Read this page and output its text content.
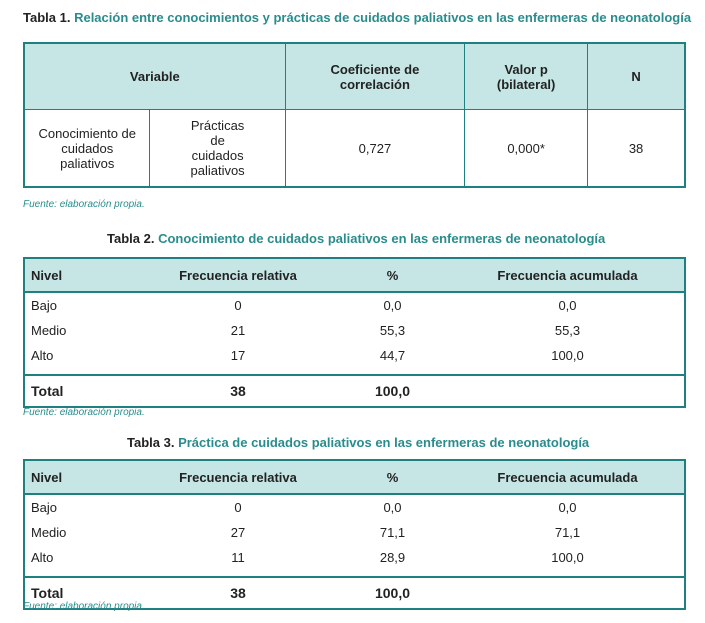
Tabla 1. Relación entre conocimientos y prácticas de cuidados paliativos en las enfermeras de neonatología
Variable		Coeficiente de correlación	Valor p (bilateral)	N
Conocimiento de cuidados paliativos	Prácticas de cuidados paliativos	0,727	0,000*	38
Fuente: elaboración propia.
Tabla 2. Conocimiento de cuidados paliativos en las enfermeras de neonatología
Nivel	Frecuencia relativa	%	Frecuencia acumulada
Bajo	0	0,0	0,0
Medio	21	55,3	55,3
Alto	17	44,7	100,0

Total	38	100,0	
Fuente: elaboración propia.
Tabla 3. Práctica de cuidados paliativos en las enfermeras de neonatología
Nivel	Frecuencia relativa	%	Frecuencia acumulada
Bajo	0	0,0	0,0
Medio	27	71,1	71,1
Alto	11	28,9	100,0

Total	38	100,0	
Fuente: elaboración propia.
